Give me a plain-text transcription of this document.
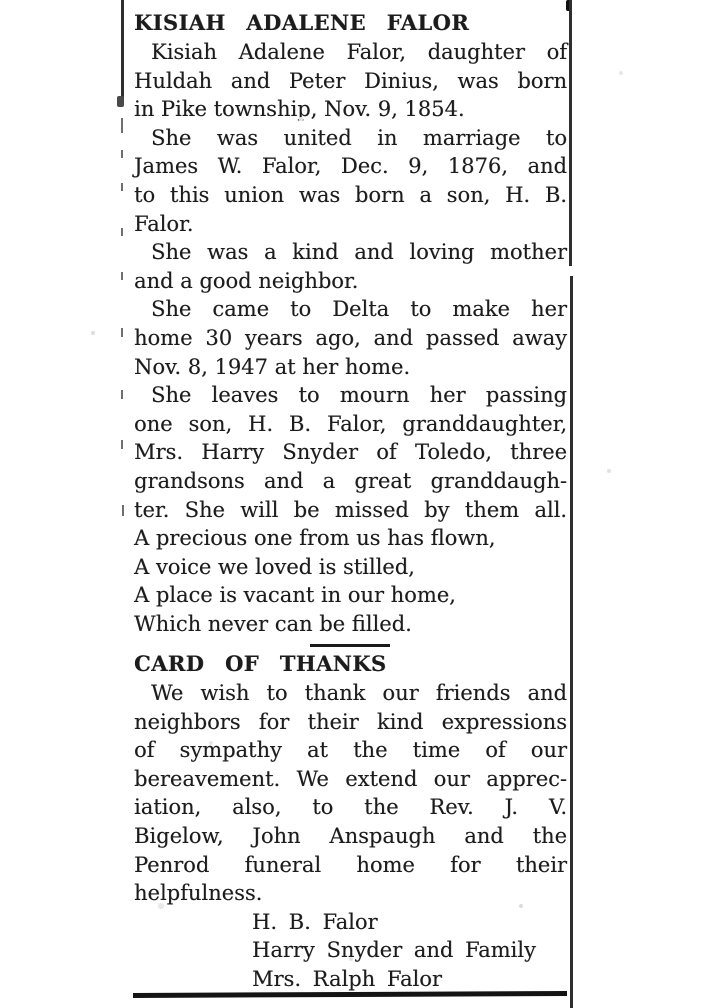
KISIAH ADALENE FALOR
Kisiah Adalene Falor, daughter of
Huldah and Peter Dinius, was born
in Pike township, Nov. 9, 1854.
She was united in marriage to
James W. Falor, Dec. 9, 1876, and
to this union was born a son, H. B.
Falor.
She was a kind and loving mother
and a good neighbor.
She came to Delta to make her
home 30 years ago, and passed away
Nov. 8, 1947 at her home.
She leaves to mourn her passing
one son, H. B. Falor, granddaughter,
Mrs. Harry Snyder of Toledo, three
grandsons and a great granddaugh-
ter. She will be missed by them all.
A precious one from us has flown,
A voice we loved is stilled,
A place is vacant in our home,
Which never can be filled.
CARD OF THANKS
We wish to thank our friends and
neighbors for their kind expressions
of sympathy at the time of our
bereavement. We extend our apprec-
iation, also, to the Rev. J. V.
Bigelow, John Anspaugh and the
Penrod funeral home for their
helpfulness.
H. B. Falor
Harry Snyder and Family
Mrs. Ralph Falor
